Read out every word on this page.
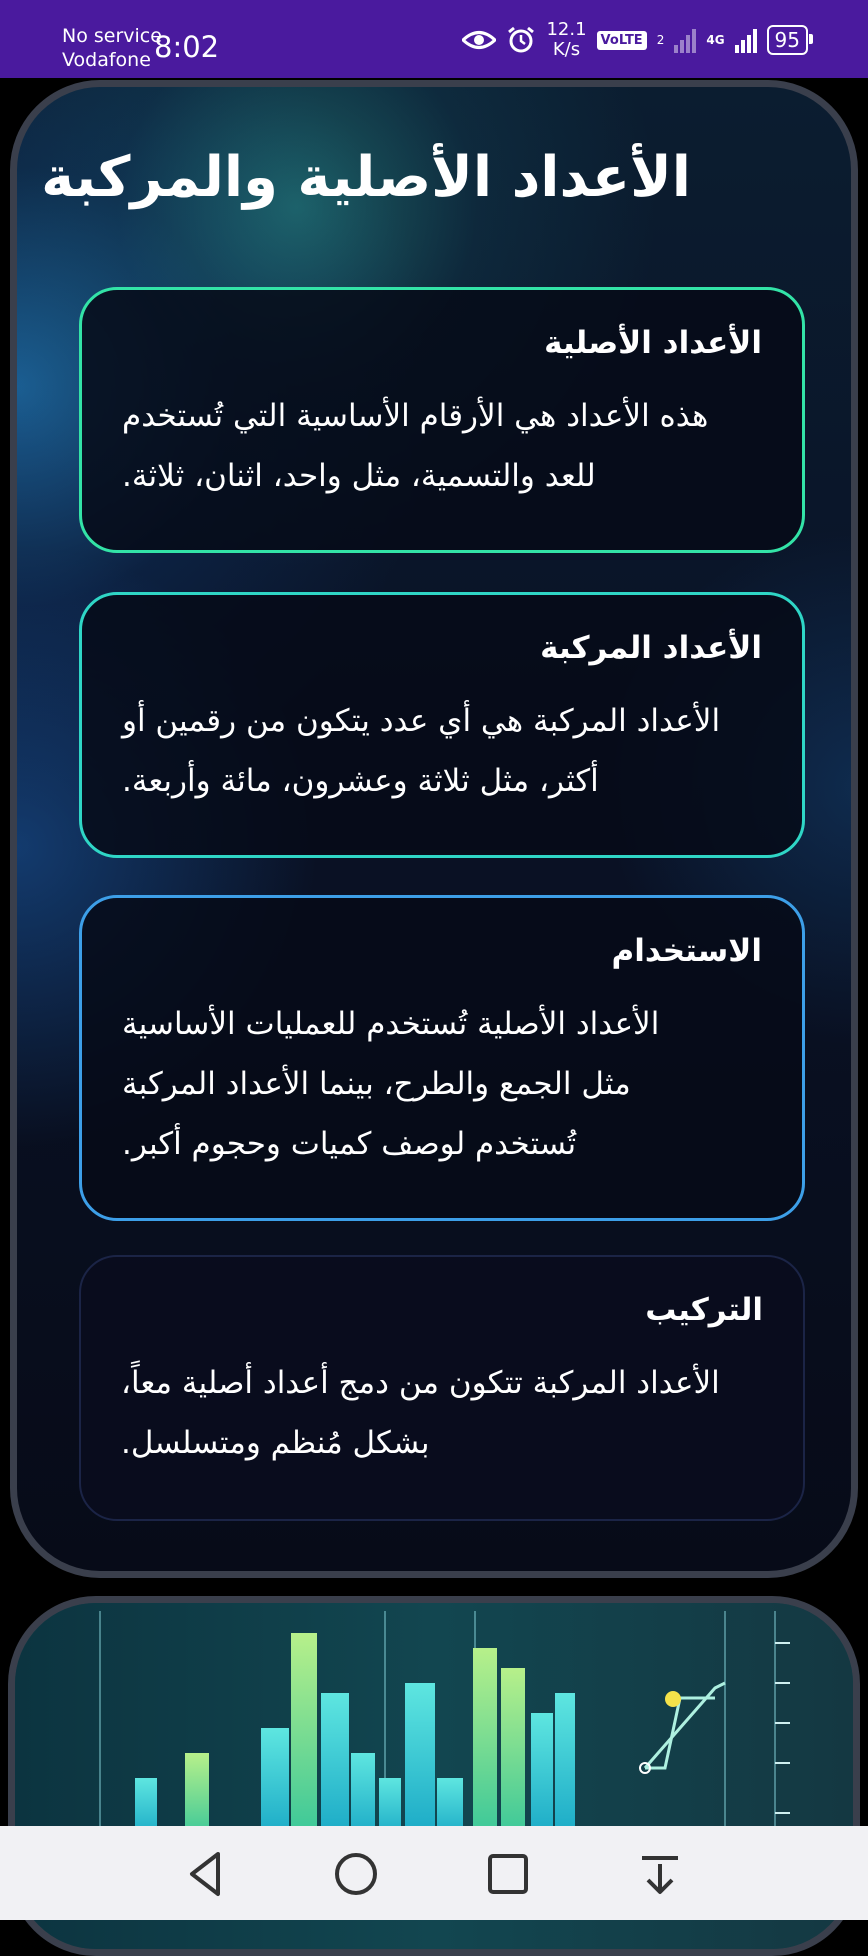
No service
Vodafone 8:02
12.1
K/s	VoLTE	2	4G	95
الأعداد الأصلية والمركبة
الأعداد الأصلية
هذه الأعداد هي الأرقام الأساسية التي تُستخدم
للعد والتسمية، مثل واحد، اثنان، ثلاثة.
الأعداد المركبة
الأعداد المركبة هي أي عدد يتكون من رقمين أو
أكثر، مثل ثلاثة وعشرون، مائة وأربعة.
الاستخدام
الأعداد الأصلية تُستخدم للعمليات الأساسية
مثل الجمع والطرح، بينما الأعداد المركبة
تُستخدم لوصف كميات وحجوم أكبر.
التركيب
الأعداد المركبة تتكون من دمج أعداد أصلية معاً،
بشكل مُنظم ومتسلسل.
